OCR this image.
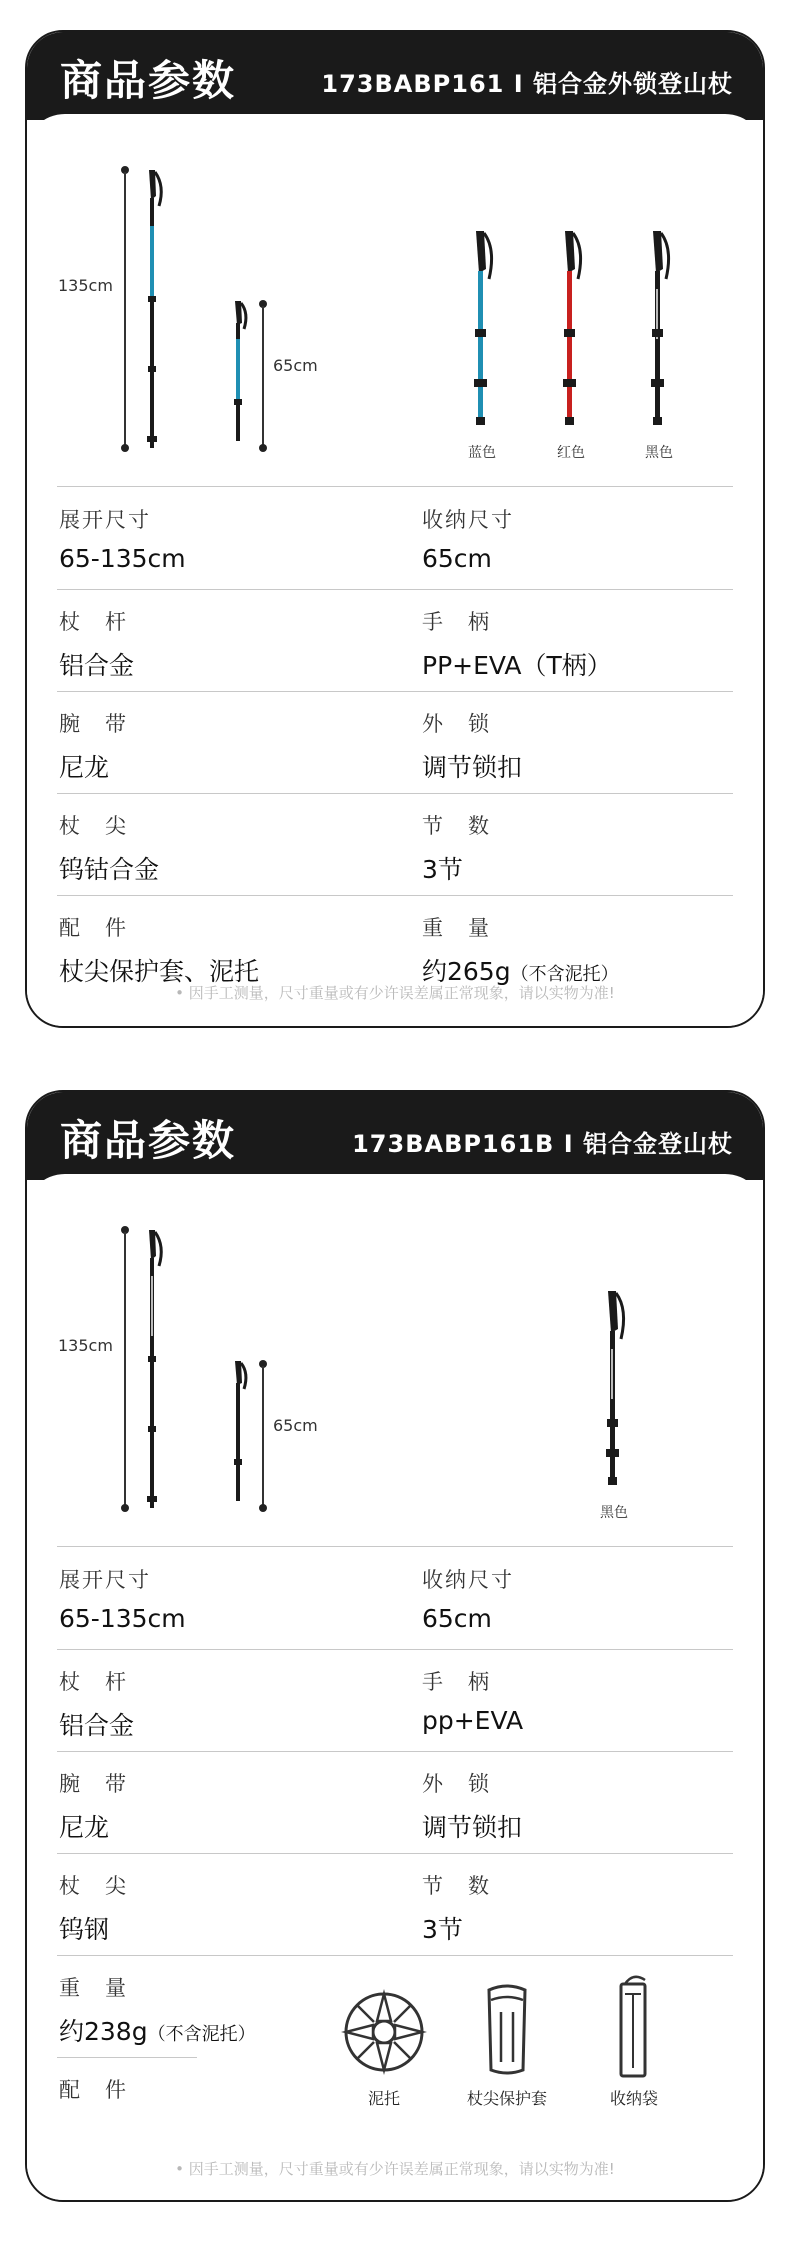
商品参数	173BABP161 Ⅰ 铝合金外锁登山杖
135cm
65cm
蓝色	红色	黑色
展开尺寸
65-135cm
收纳尺寸
65cm
杖　杆
铝合金
手　柄
PP+EVA（T柄）
腕　带
尼龙
外　锁
调节锁扣
杖　尖
钨钴合金
节　数
3节
配　件
杖尖保护套、泥托
重　量
约265g（不含泥托）
• 因手工测量，尺寸重量或有少许误差属正常现象，请以实物为准!
商品参数	173BABP161B Ⅰ 铝合金登山杖
135cm
65cm
黑色
展开尺寸
65-135cm
收纳尺寸
65cm
杖　杆
铝合金
手　柄
pp+EVA
腕　带
尼龙
外　锁
调节锁扣
杖　尖
钨钢
节　数
3节
重　量
约238g（不含泥托）
配　件	泥托	杖尖保护套	收纳袋
• 因手工测量，尺寸重量或有少许误差属正常现象，请以实物为准!
